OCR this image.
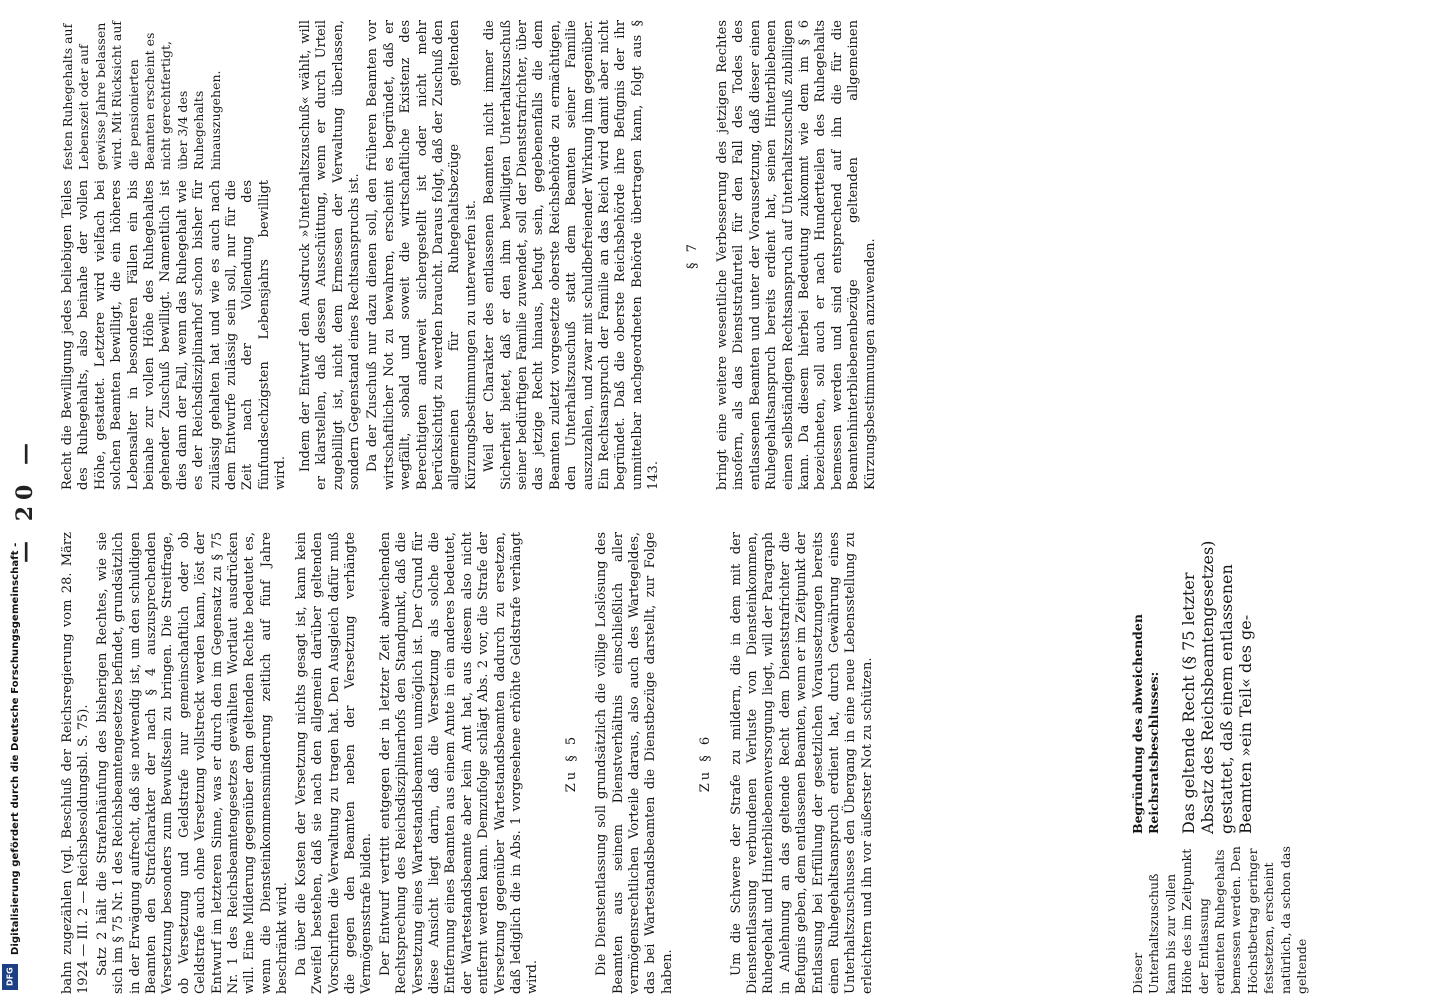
Digitalisierung gefördert durch die Deutsche Forschungsgemeinschaft -
DFG
— 20 —

bahn zugezählen (vgl. Beschluß der Reichsregierung vom 28. März 1924 — III. 2 — Reichsbesoldungsbl. S. 75). Satz 2 hält die Strafenhäufung des bisherigen Rechtes, wie sie sich im § 75 Nr. 1 des Reichsbeamtengesetzes befindet, grundsätzlich in der Erwägung aufrecht, daß sie notwendig ist, um den schuldigen Beamten den Strafcharakter der nach § 4 auszusprechenden Versetzung besonders zum Bewußtsein zu bringen. Die Streitfrage, ob Versetzung und Geldstrafe nur gemeinschaftlich oder ob Geldstrafe auch ohne Versetzung vollstreckt werden kann, löst der Entwurf im letzteren Sinne, was er durch den im Gegensatz zu § 75 Nr. 1 des Reichsbeamtengesetzes gewählten Wortlaut ausdrücken will. Eine Milderung gegenüber dem geltenden Rechte bedeutet es, wenn die Diensteinkommensminderung zeitlich auf fünf Jahre beschränkt wird. Da über die Kosten der Versetzung nichts gesagt ist, kann kein Zweifel bestehen, daß sie nach den allgemein darüber geltenden Vorschriften die Verwaltung zu tragen hat. Den Ausgleich dafür muß die gegen den Beamten neben der Versetzung verhängte Vermögensstrafe bilden. Der Entwurf vertritt entgegen der in letzter Zeit abweichenden Rechtsprechung des Reichsdisziplinarhofs den Standpunkt, daß die Versetzung eines Wartestandsbeamten unmöglich ist. Der Grund für diese Ansicht liegt darin, daß die Versetzung als solche die Entfernung eines Beamten aus einem Amte in ein anderes bedeutet, der Wartestandsbeamte aber kein Amt hat, aus diesem also nicht entfernt werden kann. Demzufolge schlägt Abs. 2 vor, die Strafe der Versetzung gegenüber Wartestandsbeamten dadurch zu ersetzen, daß lediglich die in Abs. 1 vorgesehene erhöhte Geldstrafe verhängt wird.

Zu § 5 Die Dienstentlassung soll grundsätzlich die völlige Loslösung des Beamten aus seinem Dienstverhältnis einschließlich aller vermögensrechtlichen Vorteile daraus, also auch des Wartegeldes, das bei Wartestandsbeamten die Dienstbezüge darstellt, zur Folge haben.

Zu § 6 Um die Schwere der Strafe zu mildern, die in dem mit der Dienstentlassung verbundenen Verluste von Diensteinkommen, Ruhegehalt und Hinterbliebenenversorgung liegt, will der Paragraph in Anlehnung an das geltende Recht dem Dienststrafrichter die Befugnis geben, dem entlassenen Beamten, wenn er im Zeitpunkt der Entlassung bei Erfüllung der gesetzlichen Voraussetzungen bereits einen Ruhegehaltsanspruch erdient hat, durch Gewährung eines Unterhaltszuschusses den Übergang in eine neue Lebensstellung zu erleichtern und ihn vor äußerster Not zu schützen.	Dieser Unterhaltszuschuß kann bis zur vollen Höhe des im Zeitpunkt der Entlassung erdienten Ruhegehalts bemessen werden. Den Höchstbetrag geringer festsetzen, erscheint natürlich, da schon das geltende
Begründung des abweichenden Reichsratsbeschlusses: Das geltende Recht (§ 75 letzter Absatz des Reichsbeamtengesetzes) gestattet, daß einem entlassenen Beamten »ein Teil« des ge-

Recht die Bewilligung jedes beliebigen Teiles des Ruhegehalts, also beinahe der vollen Höhe, gestattet. Letztere wird vielfach bei solchen Beamten bewilligt, die ein höheres Lebensalter in besonderen Fällen ein bis beinahe zur vollen Höhe des Ruhegehaltes gehender Zuschuß bewilligt. Namentlich ist dies dann der Fall, wenn das Ruhegehalt wie es der Reichsdisziplinarhof schon bisher für zulässig gehalten hat und wie es auch nach dem Entwurfe zulässig sein soll, nur für die Zeit nach der Vollendung des fünfundsechzigsten Lebensjahrs bewilligt wird.

festen Ruhegehalts auf Lebenszeit oder auf gewisse Jahre belassen wird. Mit Rücksicht auf die pensionierten Beamten erscheint es nicht gerechtfertigt, über 3/4 des Ruhegehalts hinauszugehen.	Indem der Entwurf den Ausdruck »Unterhaltszuschuß« wählt, will er klarstellen, daß dessen Ausschüttung, wenn er durch Urteil zugebilligt ist, nicht dem Ermessen der Verwaltung überlassen, sondern Gegenstand eines Rechtsanspruchs ist. Da der Zuschuß nur dazu dienen soll, den früheren Beamten vor wirtschaftlicher Not zu bewahren, erscheint es begründet, daß er wegfällt, sobald und soweit die wirtschaftliche Existenz des Berechtigten anderweit sichergestellt ist oder nicht mehr berücksichtigt zu werden braucht. Daraus folgt, daß der Zuschuß den allgemeinen für Ruhegehaltsbezüge geltenden Kürzungsbestimmungen zu unterwerfen ist. Weil der Charakter des entlassenen Beamten nicht immer die Sicherheit bietet, daß er den ihm bewilligten Unterhaltszuschuß seiner bedürftigen Familie zuwendet, soll der Dienststrafrichter, über das jetzige Recht hinaus, befugt sein, gegebenenfalls die dem Beamten zuletzt vorgesetzte oberste Reichsbehörde zu ermächtigen, den Unterhaltszuschuß statt dem Beamten seiner Familie auszuzahlen, und zwar mit schuldbefreiender Wirkung ihm gegenüber. Ein Rechtsanspruch der Familie an das Reich wird damit aber nicht begründet. Daß die oberste Reichsbehörde ihre Befugnis der ihr unmittelbar nachgeordneten Behörde übertragen kann, folgt aus § 143.

§ 7 bringt eine weitere wesentliche Verbesserung des jetzigen Rechtes insofern, als das Dienststrafurteil für den Fall des Todes des entlassenen Beamten und unter der Voraussetzung, daß dieser einen Ruhegehaltsanspruch bereits erdient hat, seinen Hinterbliebenen einen selbständigen Rechtsanspruch auf Unterhaltszuschuß zubilligen kann. Da diesem hierbei Bedeutung zukommt wie dem im § 6 bezeichneten, soll auch er nach Hundertteilen des Ruhegehalts bemessen werden und sind entsprechend auf ihn die für die Beamtenhinterbliebenenbezüge geltenden allgemeinen Kürzungsbestimmungen anzuwenden.
